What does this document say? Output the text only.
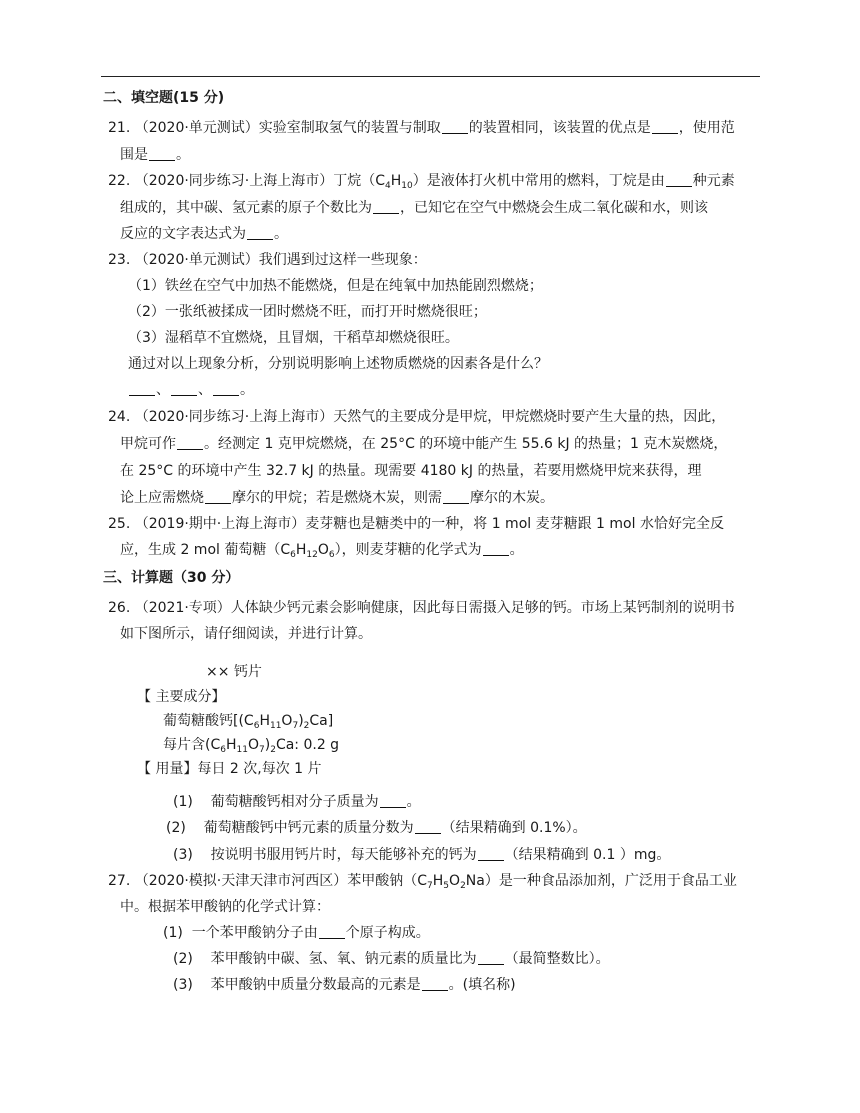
二、填空题(15 分)
21. （2020·单元测试）实验室制取氢气的装置与制取 的装置相同，该装置的优点是 ，使用范
围是 。
22. （2020·同步练习·上海上海市）丁烷$(C_4H_{10})$是液体打火机中常用的燃料，丁烷是由 种元素
组成的，其中碳、氢元素的原子个数比为 ，已知它在空气中燃烧会生成二氧化碳和水，则该
反应的文字表达式为 。
23. （2020·单元测试）我们遇到过这样一些现象：
（1）铁丝在空气中加热不能燃烧，但是在纯氧中加热能剧烈燃烧；
（2）一张纸被揉成一团时燃烧不旺，而打开时燃烧很旺；
（3）湿稻草不宜燃烧，且冒烟，干稻草却燃烧很旺。
通过对以上现象分析，分别说明影响上述物质燃烧的因素各是什么？
、 、 。
24. （2020·同步练习·上海上海市）天然气的主要成分是甲烷，甲烷燃烧时要产生大量的热，因此，
甲烷可作 。经测定 1 克甲烷燃烧，在 25°C 的环境中能产生 55.6 kJ 的热量；1 克木炭燃烧，
在 25°C 的环境中产生 32.7 kJ 的热量。现需要 4180 kJ 的热量，若要用燃烧甲烷来获得，理
论上应需燃烧 摩尔的甲烷；若是燃烧木炭，则需 摩尔的木炭。
25. （2019·期中·上海上海市）麦芽糖也是糖类中的一种，将 1 mol 麦芽糖跟 1 mol 水恰好完全反
应，生成 2 mol 葡萄糖$(C_6H_{12}O_6)$，则麦芽糖的化学式为 。
三、计算题（30 分）
26. （2021·专项）人体缺少钙元素会影响健康，因此每日需摄入足够的钙。市场上某钙制剂的说明书
如下图所示，请仔细阅读，并进行计算。
×× 钙片
【 主要成分】
葡萄糖酸钙$[(C_6H_{11}O_7)_2Ca]$
每片含$(C_6H_{11}O_7)_2Ca$: 0.2 g
【 用量】每日 2 次,每次 1 片
(1) 葡萄糖酸钙相对分子质量为 。
(2) 葡萄糖酸钙中钙元素的质量分数为 （结果精确到 0.1%）。
(3) 按说明书服用钙片时，每天能够补充的钙为 （结果精确到 0.1 ）mg。
27. （2020·模拟·天津天津市河西区）苯甲酸钠$(C_7H_5O_2Na)$是一种食品添加剂，广泛用于食品工业
中。根据苯甲酸钠的化学式计算：
(1) 一个苯甲酸钠分子由 个原子构成。
(2) 苯甲酸钠中碳、氢、氧、钠元素的质量比为 （最简整数比）。
(3) 苯甲酸钠中质量分数最高的元素是 。(填名称)
